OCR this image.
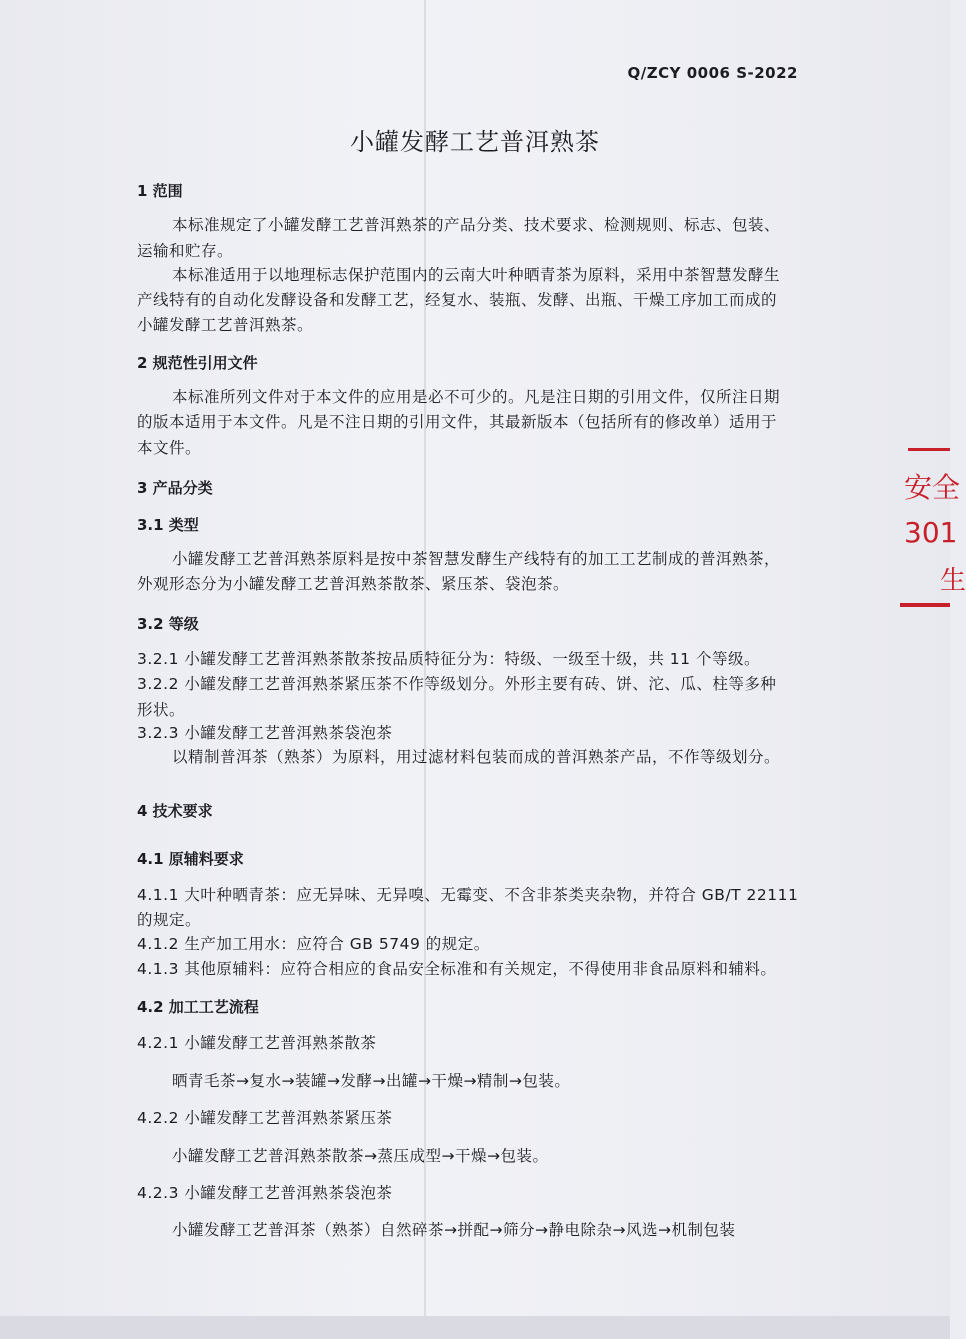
Q/ZCY 0006 S-2022
小罐发酵工艺普洱熟茶
1 范围
本标准规定了小罐发酵工艺普洱熟茶的产品分类、技术要求、检测规则、标志、包装、
运输和贮存。
本标准适用于以地理标志保护范围内的云南大叶种晒青茶为原料，采用中茶智慧发酵生
产线特有的自动化发酵设备和发酵工艺，经复水、装瓶、发酵、出瓶、干燥工序加工而成的
小罐发酵工艺普洱熟茶。
2 规范性引用文件
本标准所列文件对于本文件的应用是必不可少的。凡是注日期的引用文件，仅所注日期
的版本适用于本文件。凡是不注日期的引用文件，其最新版本（包括所有的修改单）适用于
本文件。
3 产品分类
3.1 类型
小罐发酵工艺普洱熟茶原料是按中茶智慧发酵生产线特有的加工工艺制成的普洱熟茶，
外观形态分为小罐发酵工艺普洱熟茶散茶、紧压茶、袋泡茶。
3.2 等级
3.2.1 小罐发酵工艺普洱熟茶散茶按品质特征分为：特级、一级至十级，共 11 个等级。
3.2.2 小罐发酵工艺普洱熟茶紧压茶不作等级划分。外形主要有砖、饼、沱、瓜、柱等多种
形状。
3.2.3 小罐发酵工艺普洱熟茶袋泡茶
以精制普洱茶（熟茶）为原料，用过滤材料包装而成的普洱熟茶产品，不作等级划分。
4 技术要求
4.1 原辅料要求
4.1.1 大叶种晒青茶：应无异味、无异嗅、无霉变、不含非茶类夹杂物，并符合 GB/T 22111
的规定。
4.1.2 生产加工用水：应符合 GB 5749 的规定。
4.1.3 其他原辅料：应符合相应的食品安全标准和有关规定，不得使用非食品原料和辅料。
4.2 加工工艺流程
4.2.1 小罐发酵工艺普洱熟茶散茶
晒青毛茶→复水→装罐→发酵→出罐→干燥→精制→包装。
4.2.2 小罐发酵工艺普洱熟茶紧压茶
小罐发酵工艺普洱熟茶散茶→蒸压成型→干燥→包装。
4.2.3 小罐发酵工艺普洱熟茶袋泡茶
小罐发酵工艺普洱茶（熟茶）自然碎茶→拼配→筛分→静电除杂→风选→机制包装
安全
301
生
